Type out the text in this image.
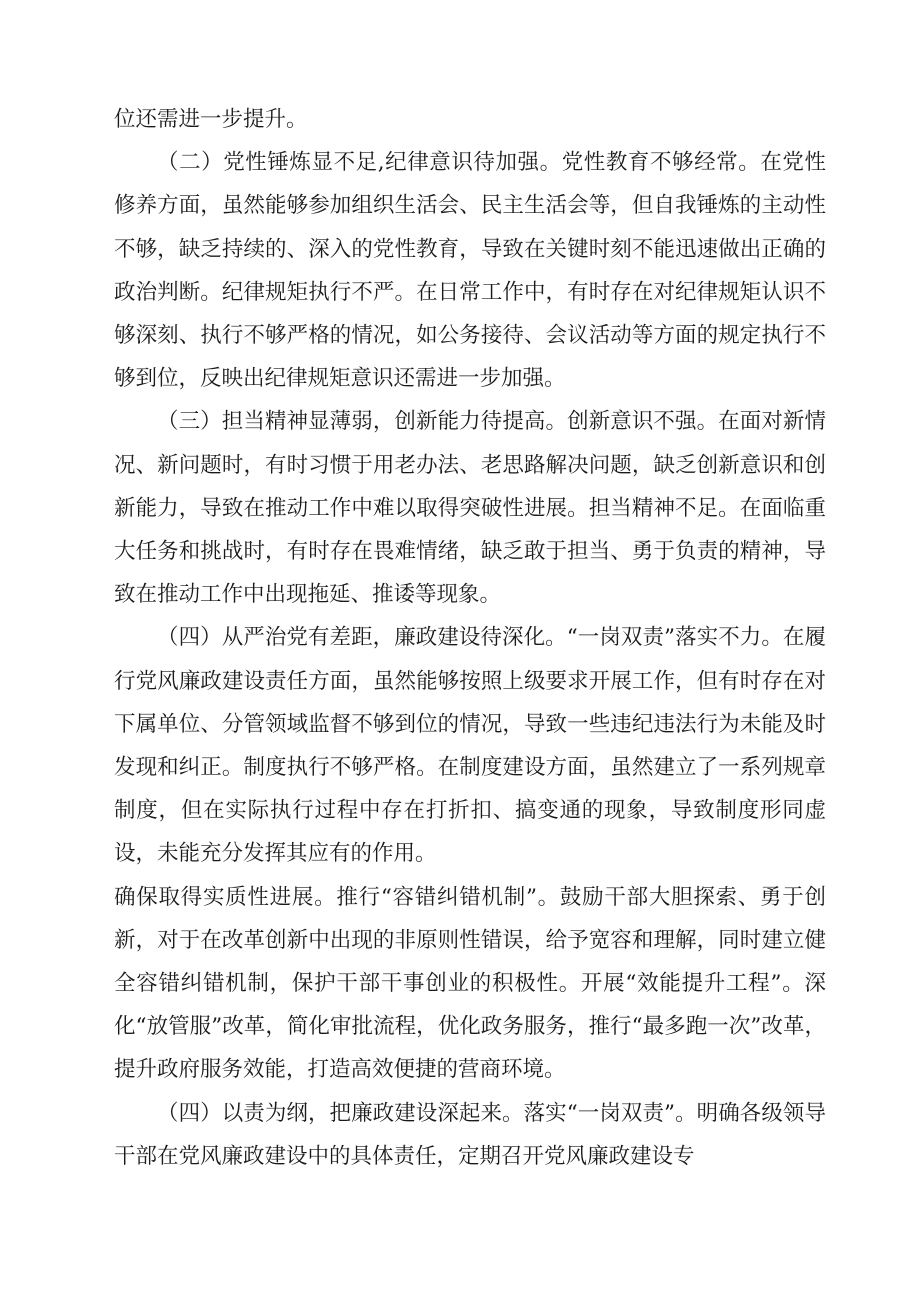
位还需进一步提升。

（二）党性锤炼显不足,纪律意识待加强。党性教育不够经常。在党性修养方面，虽然能够参加组织生活会、民主生活会等，但自我锤炼的主动性不够，缺乏持续的、深入的党性教育，导致在关键时刻不能迅速做出正确的政治判断。纪律规矩执行不严。在日常工作中，有时存在对纪律规矩认识不够深刻、执行不够严格的情况，如公务接待、会议活动等方面的规定执行不够到位，反映出纪律规矩意识还需进一步加强。

（三）担当精神显薄弱，创新能力待提高。创新意识不强。在面对新情况、新问题时，有时习惯于用老办法、老思路解决问题，缺乏创新意识和创新能力，导致在推动工作中难以取得突破性进展。担当精神不足。在面临重大任务和挑战时，有时存在畏难情绪，缺乏敢于担当、勇于负责的精神，导致在推动工作中出现拖延、推诿等现象。

（四）从严治党有差距，廉政建设待深化。“一岗双责”落实不力。在履行党风廉政建设责任方面，虽然能够按照上级要求开展工作，但有时存在对下属单位、分管领域监督不够到位的情况，导致一些违纪违法行为未能及时发现和纠正。制度执行不够严格。在制度建设方面，虽然建立了一系列规章制度，但在实际执行过程中存在打折扣、搞变通的现象，导致制度形同虚设，未能充分发挥其应有的作用。

确保取得实质性进展。推行“容错纠错机制”。鼓励干部大胆探索、勇于创新，对于在改革创新中出现的非原则性错误，给予宽容和理解，同时建立健全容错纠错机制，保护干部干事创业的积极性。开展“效能提升工程”。深化“放管服”改革，简化审批流程，优化政务服务，推行“最多跑一次”改革，提升政府服务效能，打造高效便捷的营商环境。

（四）以责为纲，把廉政建设深起来。落实“一岗双责”。明确各级领导干部在党风廉政建设中的具体责任，定期召开党风廉政建设专
